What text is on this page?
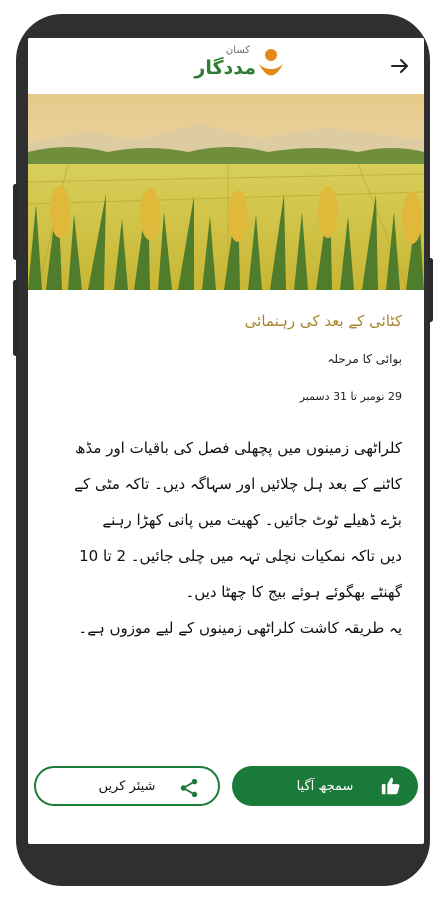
کسان
مددگار
کٹائی کے بعد کی رہنمائی
بوائی کا مرحلہ
29 نومبر تا 31 دسمبر

کلراٹھی زمینوں میں پچھلی فصل کی باقیات اور مڈھ

کاٹنے کے بعد ہل چلائیں اور سہاگہ دیں۔ تاکہ مٹی کے

بڑے ڈھیلے ٹوٹ جائیں۔ کھیت میں پانی کھڑا رہنے

دیں تاکہ نمکیات نچلی تہہ میں چلی جائیں۔ 2 تا 10

گھنٹے بھگوئے ہوئے بیج کا چھٹا دیں۔

یہ طریقہ کاشت کلراٹھی زمینوں کے لیے موزوں ہے۔

سمجھ آگیا
شیئر کریں
